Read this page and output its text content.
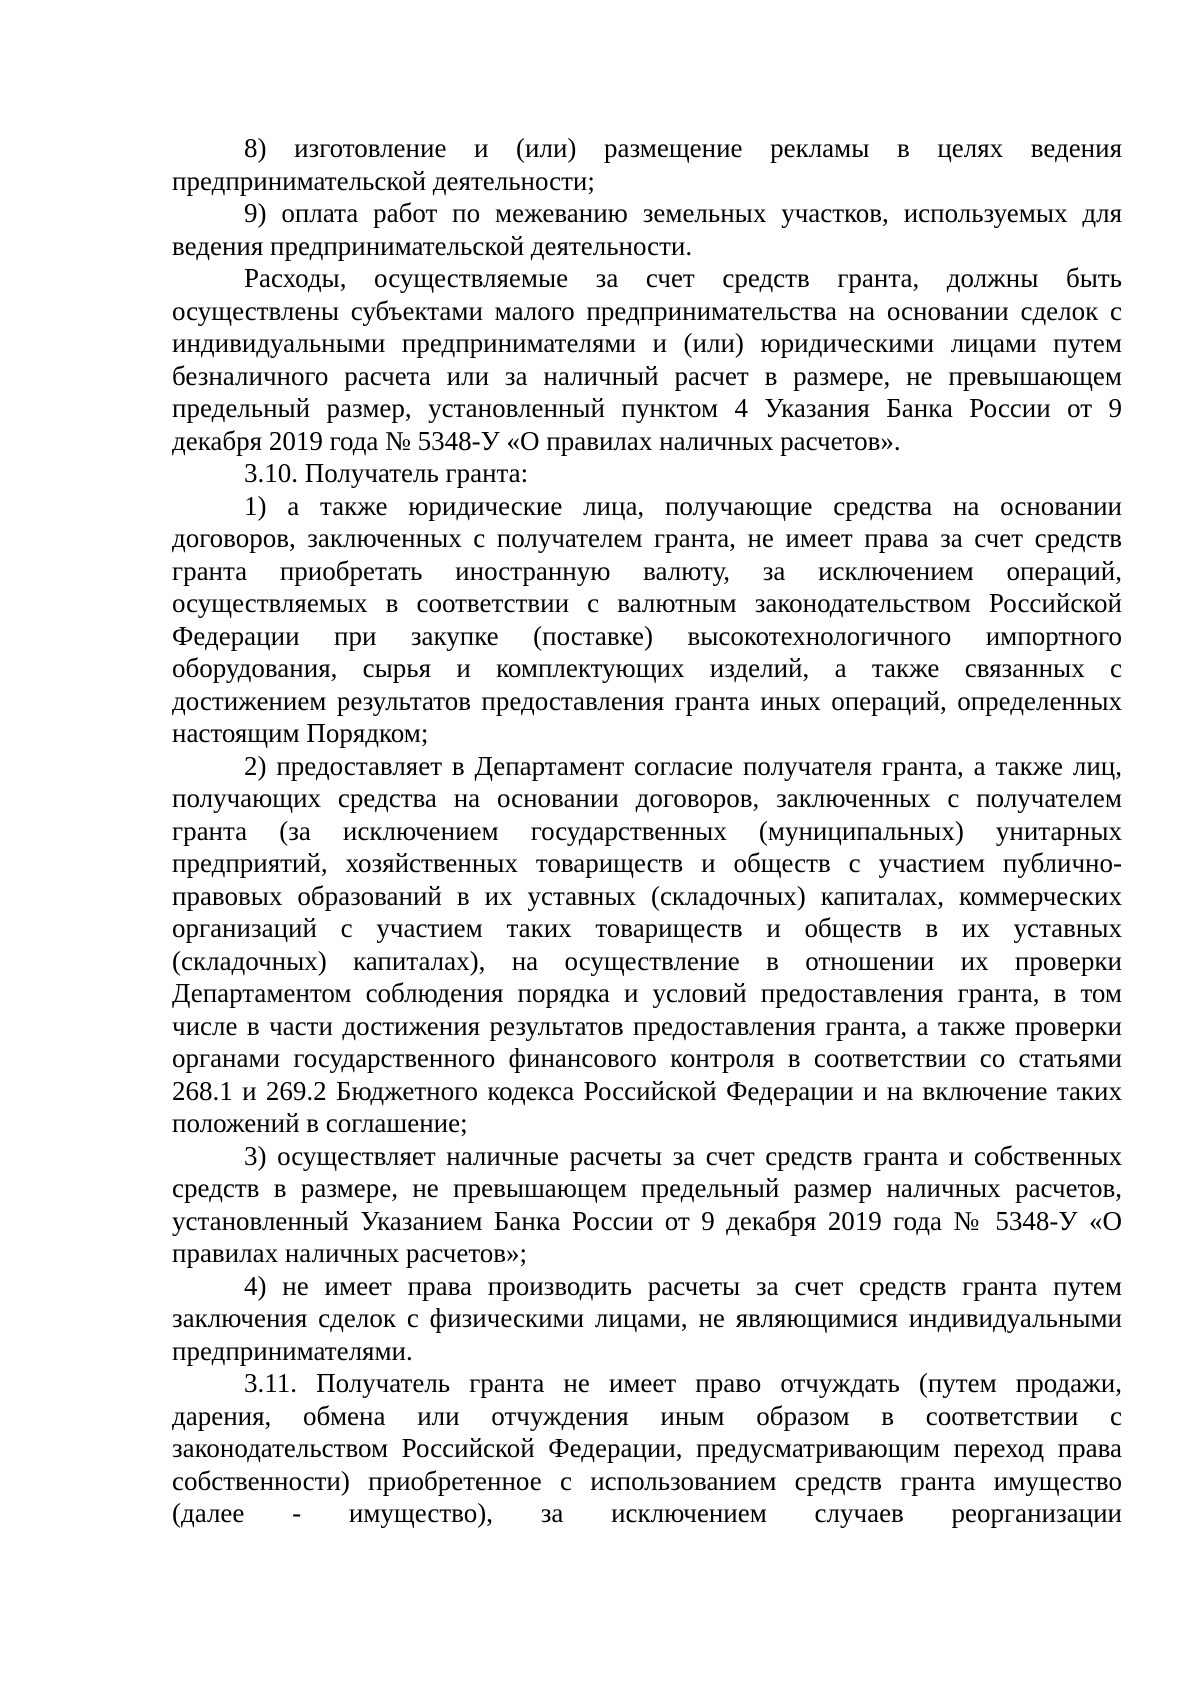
8) изготовление и (или) размещение рекламы в целях ведения предпринимательской деятельности;

9) оплата работ по межеванию земельных участков, используемых для ведения предпринимательской деятельности.

Расходы, осуществляемые за счет средств гранта, должны быть осуществлены субъектами малого предпринимательства на основании сделок с индивидуальными предпринимателями и (или) юридическими лицами путем безналичного расчета или за наличный расчет в размере, не превышающем предельный размер, установленный пунктом 4 Указания Банка России от 9 декабря 2019 года № 5348-У «О правилах наличных расчетов».

3.10. Получатель гранта:

1) а также юридические лица, получающие средства на основании договоров, заключенных с получателем гранта, не имеет права за счет средств гранта приобретать иностранную валюту, за исключением операций, осуществляемых в соответствии с валютным законодательством Российской Федерации при закупке (поставке) высокотехнологичного импортного оборудования, сырья и комплектующих изделий, а также связанных с достижением результатов предоставления гранта иных операций, определенных настоящим Порядком;

2) предоставляет в Департамент согласие получателя гранта, а также лиц, получающих средства на основании договоров, заключенных с получателем гранта (за исключением государственных (муниципальных) унитарных предприятий, хозяйственных товариществ и обществ с участием публично-правовых образований в их уставных (складочных) капиталах, коммерческих организаций с участием таких товариществ и обществ в их уставных (складочных) капиталах), на осуществление в отношении их проверки Департаментом соблюдения порядка и условий предоставления гранта, в том числе в части достижения результатов предоставления гранта, а также проверки органами государственного финансового контроля в соответствии со статьями 268.1 и 269.2 Бюджетного кодекса Российской Федерации и на включение таких положений в соглашение;

3) осуществляет наличные расчеты за счет средств гранта и собственных средств в размере, не превышающем предельный размер наличных расчетов, установленный Указанием Банка России от 9 декабря 2019 года № 5348-У «О правилах наличных расчетов»;

4) не имеет права производить расчеты за счет средств гранта путем заключения сделок с физическими лицами, не являющимися индивидуальными предпринимателями.

3.11. Получатель гранта не имеет право отчуждать (путем продажи, дарения, обмена или отчуждения иным образом в соответствии с законодательством Российской Федерации, предусматривающим переход права собственности) приобретенное с использованием средств гранта имущество (далее - имущество), за исключением случаев реорганизации
